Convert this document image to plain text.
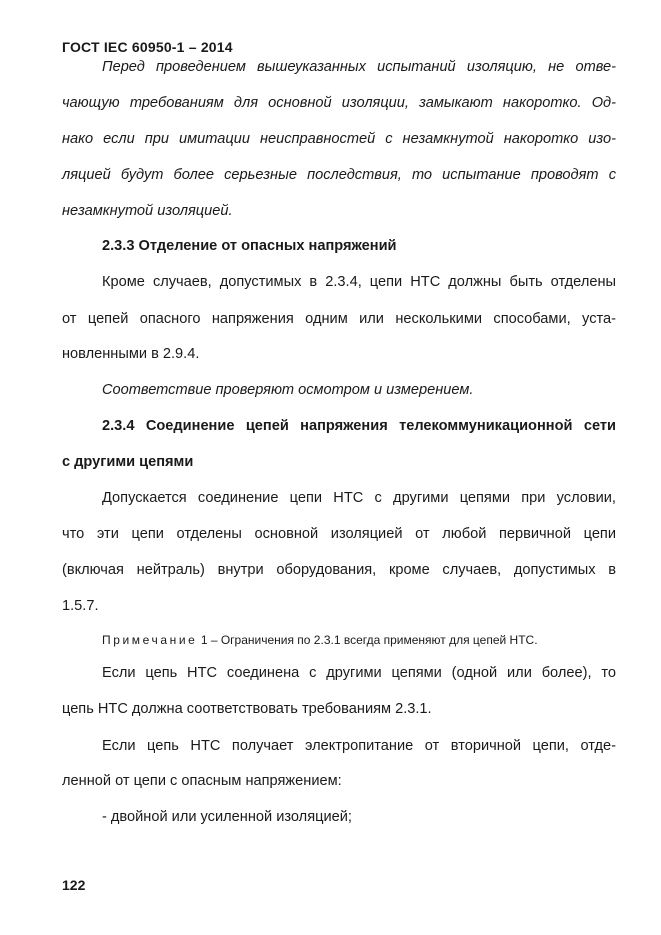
ГОСТ IEC 60950-1 – 2014
Перед проведением вышеуказанных испытаний изоляцию, не отве-
чающую требованиям для основной изоляции, замыкают накоротко. Од-
нако если при имитации неисправностей с незамкнутой накоротко изо-
ляцией будут более серьезные последствия, то испытание проводят с
незамкнутой изоляцией.
2.3.3 Отделение от опасных напряжений
Кроме случаев, допустимых в 2.3.4, цепи НТС должны быть отделены
от цепей опасного напряжения одним или несколькими способами, уста-
новленными в 2.9.4.
Соответствие проверяют осмотром и измерением.
2.3.4 Соединение цепей напряжения телекоммуникационной сети
с другими цепями
Допускается соединение цепи НТС с другими цепями при условии,
что эти цепи отделены основной изоляцией от любой первичной цепи
(включая нейтраль) внутри оборудования, кроме случаев, допустимых в
1.5.7.
Примечание 1 – Ограничения по 2.3.1 всегда применяют для цепей НТС.
Если цепь НТС соединена с другими цепями (одной или более), то
цепь НТС должна соответствовать требованиям 2.3.1.
Если цепь НТС получает электропитание от вторичной цепи, отде-
ленной от цепи с опасным напряжением:
- двойной или усиленной изоляцией;
122
